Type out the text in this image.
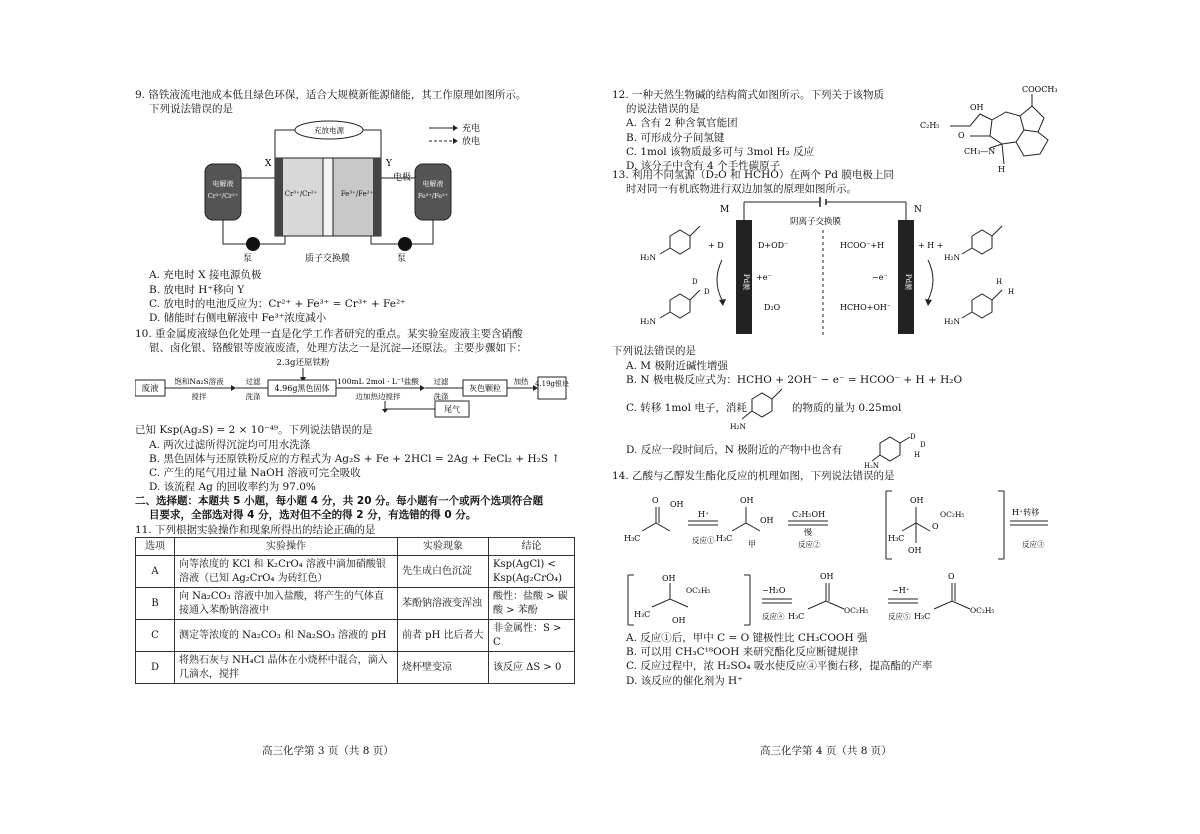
9. 铬铁液流电池成本低且绿色环保，适合大规模新能源储能，其工作原理如图所示。

下列说法错误的是

充放电源	充电
放电
X	Y
电极
Cr³⁺/Cr²⁺	Fe³⁺/Fe²⁺
电解液
Cr³⁺/Cr²⁺
电解液
Fe³⁺/Fe²⁺
泵	泵
质子交换膜

A. 充电时 X 接电源负极

B. 放电时 H⁺移向 Y

C. 放电时的电池反应为：Cr²⁺ + Fe³⁺ = Cr³⁺ + Fe²⁺

D. 储能时右侧电解液中 Fe³⁺浓度减小

10. 重金属废液绿色化处理一直是化学工作者研究的重点。某实验室废液主要含硝酸

银、卤化银、铬酸银等废液废渣，处理方法之一是沉淀—还原法。主要步骤如下：

2.3g还原铁粉
废液
饱和Na₂S溶液
搅拌
过滤
洗涤
4.96g黑色固体
100mL 2mol · L⁻¹盐酸
边加热边搅拌
过滤
洗涤
灰色颗粒
加热 4.19g银块
尾气

已知 Ksp(Ag₂S) = 2 × 10⁻⁴⁹。下列说法错误的是

A. 两次过滤所得沉淀均可用水洗涤

B. 黑色固体与还原铁粉反应的方程式为 Ag₂S + Fe + 2HCl = 2Ag + FeCl₂ + H₂S ↑

C. 产生的尾气用过量 NaOH 溶液可完全吸收

D. 该流程 Ag 的回收率约为 97.0%

二、选择题：本题共 5 小题，每小题 4 分，共 20 分。每小题有一个或两个选项符合题

目要求，全部选对得 4 分，选对但不全的得 2 分，有选错的得 0 分。

11. 下列根据实验操作和现象所得出的结论正确的是

选项	实验操作	实验现象	结论
A	向等浓度的 KCl 和 K₂CrO₄ 溶液中滴加硝酸银溶液（已知 Ag₂CrO₄ 为砖红色）	先生成白色沉淀	Ksp(AgCl) < Ksp(Ag₂CrO₄)
B	向 Na₂CO₃ 溶液中加入盐酸，将产生的气体直接通入苯酚钠溶液中	苯酚钠溶液变浑浊	酸性：盐酸 > 碳酸 > 苯酚
C	测定等浓度的 Na₂CO₃ 和 Na₂SO₃ 溶液的 pH	前者 pH 比后者大	非金属性：S > C
D	将熟石灰与 NH₄Cl 晶体在小烧杯中混合，滴入几滴水，搅拌	烧杯壁变凉	该反应 ΔS > 0
高三化学第 3 页（共 8 页）

12. 一种天然生物碱的结构简式如图所示。下列关于该物质

的说法错误的是

A. 含有 2 种含氧官能团

B. 可形成分子间氢键

C. 1mol 该物质最多可与 3mol H₂ 反应

D. 该分子中含有 4 个手性碳原子

COOCH₃
OH
C₂H₅
O
CH₃—N
H

13. 利用不同氢源（D₂O 和 HCHO）在两个 Pd 膜电极上同

时对同一有机底物进行双边加氢的原理如图所示。

M	N
阴离子交换膜
Pd膜	Pd膜
+ D	D+OD⁻	HCOO⁻+H	+ H +
D₂O	HCHO+OH⁻
+e⁻	−e⁻
H₂N
D
D
H₂N
H₂N
H
H
H₂N

下列说法错误的是

A. M 极附近碱性增强

B. N 极电极反应式为：HCHO + 2OH⁻ − e⁻ = HCOO⁻ + H + H₂O

C. 转移 1mol 电子，消耗
H₂N
的物质的量为 0.25mol
D. 反应一段时间后，N 极附近的产物中也含有
D
D
H
H₂N

14. 乙酸与乙醇发生酯化反应的机理如图，下列说法错误的是

O OH
H₃C
H⁺
反应①
OH
OH
H₃C
甲
C₂H₅OH
慢
反应②
OH
O
OC₂H₅
H₃C
OH
H⁺转移
反应③
OH
OC₂H₅
H₃C
OH
−H₂O
反应④
OH
H₃C
OC₂H₅
−H⁺
反应⑤
O
H₃C
OC₂H₅

A. 反应①后，甲中 C = O 键极性比 CH₃COOH 强

B. 可以用 CH₃C¹⁸OOH 来研究酯化反应断键规律

C. 反应过程中，浓 H₂SO₄ 吸水使反应④平衡右移，提高酯的产率

D. 该反应的催化剂为 H⁺

高三化学第 4 页（共 8 页）
